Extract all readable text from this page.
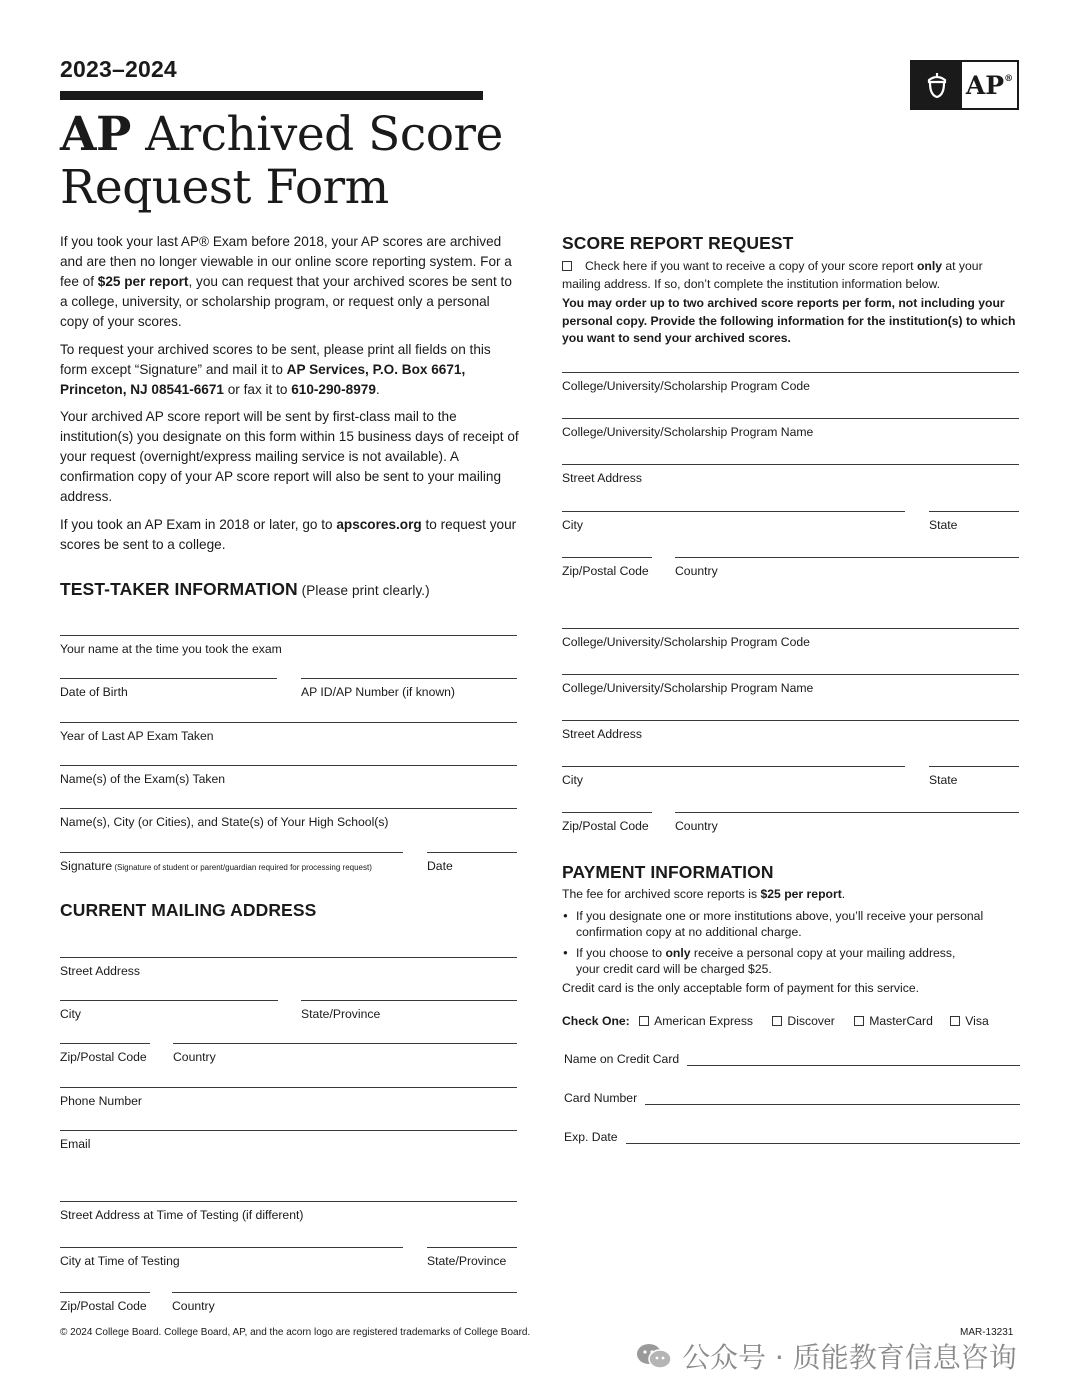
2023–2024
AP Archived Score
Request Form
AP®

If you took your last AP® Exam before 2018, your AP scores are archived and are then no longer viewable in our online score reporting system. For a fee of $25 per report, you can request that your archived scores be sent to a college, university, or scholarship program, or request only a personal copy of your scores.

To request your archived scores to be sent, please print all fields on this form except “Signature” and mail it to AP Services, P.O. Box 6671, Princeton, NJ 08541-6671 or fax it to 610-290-8979.

Your archived AP score report will be sent by first-class mail to the institution(s) you designate on this form within 15 business days of receipt of your request (overnight/express mailing service is not available). A confirmation copy of your AP score report will also be sent to your mailing address.

If you took an AP Exam in 2018 or later, go to apscores.org to request your scores be sent to a college.

TEST-TAKER INFORMATION (Please print clearly.)
Your name at the time you took the exam
Date of Birth	AP ID/AP Number (if known)
Year of Last AP Exam Taken
Name(s) of the Exam(s) Taken
Name(s), City (or Cities), and State(s) of Your High School(s)
Signature (Signature of student or parent/guardian required for processing request)	Date
CURRENT MAILING ADDRESS
Street Address
City	State/Province
Zip/Postal Code Country
Phone Number
Email
Street Address at Time of Testing (if different)
City at Time of Testing	State/Province
Zip/Postal Code Country
SCORE REPORT REQUEST
Check here if you want to receive a copy of your score report only at your mailing address. If so, don’t complete the institution information below.
You may order up to two archived score reports per form, not including your personal copy. Provide the following information for the institution(s) to which you want to send your archived scores.
College/University/Scholarship Program Code
College/University/Scholarship Program Name
Street Address
City	State
Zip/Postal Code Country
College/University/Scholarship Program Code
College/University/Scholarship Program Name
Street Address
City	State
Zip/Postal Code Country
PAYMENT INFORMATION
The fee for archived score reports is $25 per report.
● If you designate one or more institutions above, you’ll receive your personal confirmation copy at no additional charge.
● If you choose to only receive a personal copy at your mailing address, your credit card will be charged $25.
Credit card is the only acceptable form of payment for this service.
Check One: American Express	Discover	MasterCard	Visa
Name on Credit Card
Card Number
Exp. Date
© 2024 College Board. College Board, AP, and the acorn logo are registered trademarks of College Board.	MAR-13231
公众号 · 质能教育信息咨询
